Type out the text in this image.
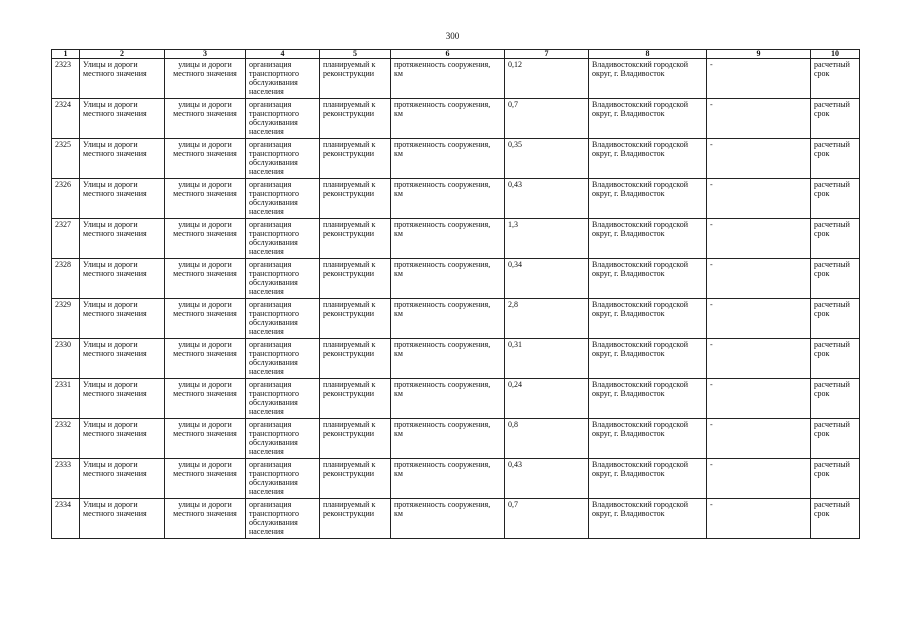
300
1	2	3	4	5	6	7	8	9	10
2323	Улицы и дороги местного значения	улицы и дороги местного значения	организация транспортного обслуживания населения	планируемый к реконструкции	протяженность сооружения, км	0,12	Владивостокский городской округ, г. Владивосток	-	расчетный срок
2324	Улицы и дороги местного значения	улицы и дороги местного значения	организация транспортного обслуживания населения	планируемый к реконструкции	протяженность сооружения, км	0,7	Владивостокский городской округ, г. Владивосток	-	расчетный срок
2325	Улицы и дороги местного значения	улицы и дороги местного значения	организация транспортного обслуживания населения	планируемый к реконструкции	протяженность сооружения, км	0,35	Владивостокский городской округ, г. Владивосток	-	расчетный срок
2326	Улицы и дороги местного значения	улицы и дороги местного значения	организация транспортного обслуживания населения	планируемый к реконструкции	протяженность сооружения, км	0,43	Владивостокский городской округ, г. Владивосток	-	расчетный срок
2327	Улицы и дороги местного значения	улицы и дороги местного значения	организация транспортного обслуживания населения	планируемый к реконструкции	протяженность сооружения, км	1,3	Владивостокский городской округ, г. Владивосток	-	расчетный срок
2328	Улицы и дороги местного значения	улицы и дороги местного значения	организация транспортного обслуживания населения	планируемый к реконструкции	протяженность сооружения, км	0,34	Владивостокский городской округ, г. Владивосток	-	расчетный срок
2329	Улицы и дороги местного значения	улицы и дороги местного значения	организация транспортного обслуживания населения	планируемый к реконструкции	протяженность сооружения, км	2,8	Владивостокский городской округ, г. Владивосток	-	расчетный срок
2330	Улицы и дороги местного значения	улицы и дороги местного значения	организация транспортного обслуживания населения	планируемый к реконструкции	протяженность сооружения, км	0,31	Владивостокский городской округ, г. Владивосток	-	расчетный срок
2331	Улицы и дороги местного значения	улицы и дороги местного значения	организация транспортного обслуживания населения	планируемый к реконструкции	протяженность сооружения, км	0,24	Владивостокский городской округ, г. Владивосток	-	расчетный срок
2332	Улицы и дороги местного значения	улицы и дороги местного значения	организация транспортного обслуживания населения	планируемый к реконструкции	протяженность сооружения, км	0,8	Владивостокский городской округ, г. Владивосток	-	расчетный срок
2333	Улицы и дороги местного значения	улицы и дороги местного значения	организация транспортного обслуживания населения	планируемый к реконструкции	протяженность сооружения, км	0,43	Владивостокский городской округ, г. Владивосток	-	расчетный срок
2334	Улицы и дороги местного значения	улицы и дороги местного значения	организация транспортного обслуживания населения	планируемый к реконструкции	протяженность сооружения, км	0,7	Владивостокский городской округ, г. Владивосток	-	расчетный срок
